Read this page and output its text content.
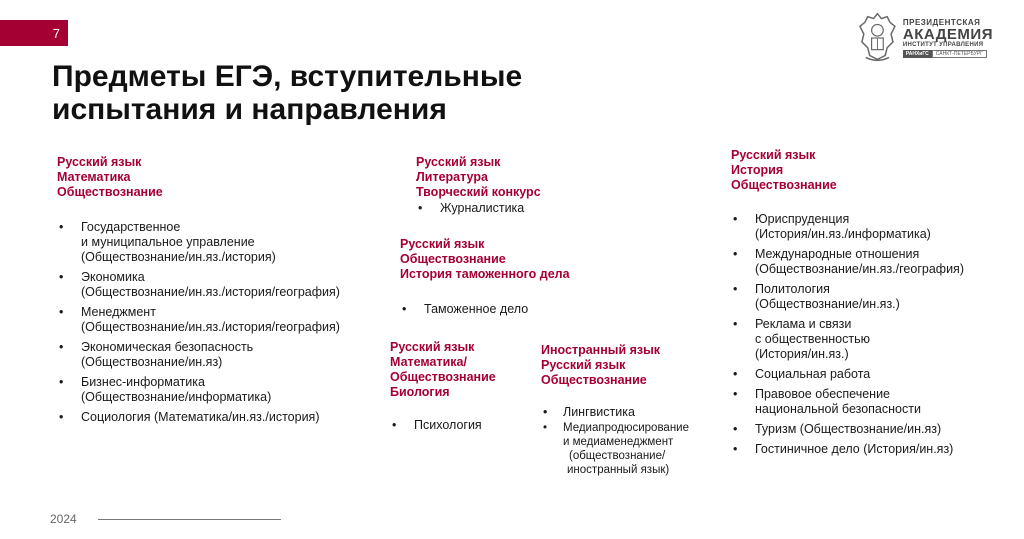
7
Предметы ЕГЭ, вступительные
испытания и направления
ПРЕЗИДЕНТСКАЯ
АКАДЕМИЯ
ИНСТИТУТ УПРАВЛЕНИЯ
РАНХиГС	САНКТ-ПЕТЕРБУРГ
Русский язык
Математика
Обществознание
• Государственное
и муниципальное управление
(Обществознание/ин.яз./история)
• Экономика
(Обществознание/ин.яз./история/география)
• Менеджмент
(Обществознание/ин.яз./история/география)
• Экономическая безопасность
(Обществознание/ин.яз)
• Бизнес-информатика
(Обществознание/информатика)
• Социология (Математика/ин.яз./история)
Русский язык
Литература
Творческий конкурс
• Журналистика
Русский язык
Обществознание
История таможенного дела
• Таможенное дело
Русский язык
Математика/
Обществознание
Биология
• Психология
Иностранный язык
Русский язык
Обществознание
• Лингвистика
• Медиапродюсирование
и медиаменеджмент
(обществознание/
иностранный язык)
Русский язык
История
Обществознание
• Юриспруденция
(История/ин.яз./информатика)
• Международные отношения
(Обществознание/ин.яз./география)
• Политология
(Обществознание/ин.яз.)
• Реклама и связи
с общественностью
(История/ин.яз.)
• Социальная работа
• Правовое обеспечение
национальной безопасности
• Туризм (Обществознание/ин.яз)
• Гостиничное дело (История/ин.яз)
2024
